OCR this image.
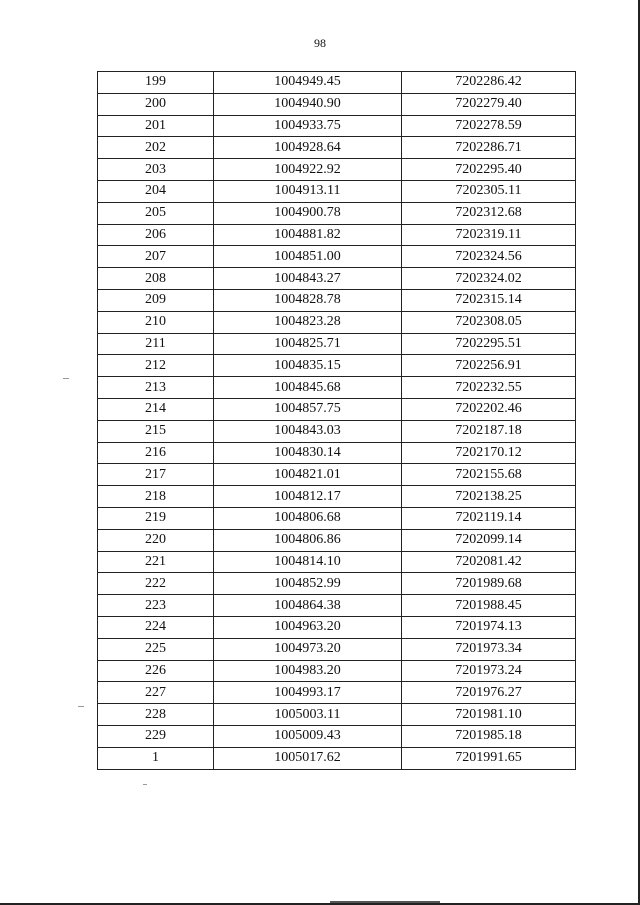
98
199	1004949.45	7202286.42
200	1004940.90	7202279.40
201	1004933.75	7202278.59
202	1004928.64	7202286.71
203	1004922.92	7202295.40
204	1004913.11	7202305.11
205	1004900.78	7202312.68
206	1004881.82	7202319.11
207	1004851.00	7202324.56
208	1004843.27	7202324.02
209	1004828.78	7202315.14
210	1004823.28	7202308.05
211	1004825.71	7202295.51
212	1004835.15	7202256.91
213	1004845.68	7202232.55
214	1004857.75	7202202.46
215	1004843.03	7202187.18
216	1004830.14	7202170.12
217	1004821.01	7202155.68
218	1004812.17	7202138.25
219	1004806.68	7202119.14
220	1004806.86	7202099.14
221	1004814.10	7202081.42
222	1004852.99	7201989.68
223	1004864.38	7201988.45
224	1004963.20	7201974.13
225	1004973.20	7201973.34
226	1004983.20	7201973.24
227	1004993.17	7201976.27
228	1005003.11	7201981.10
229	1005009.43	7201985.18
1	1005017.62	7201991.65
